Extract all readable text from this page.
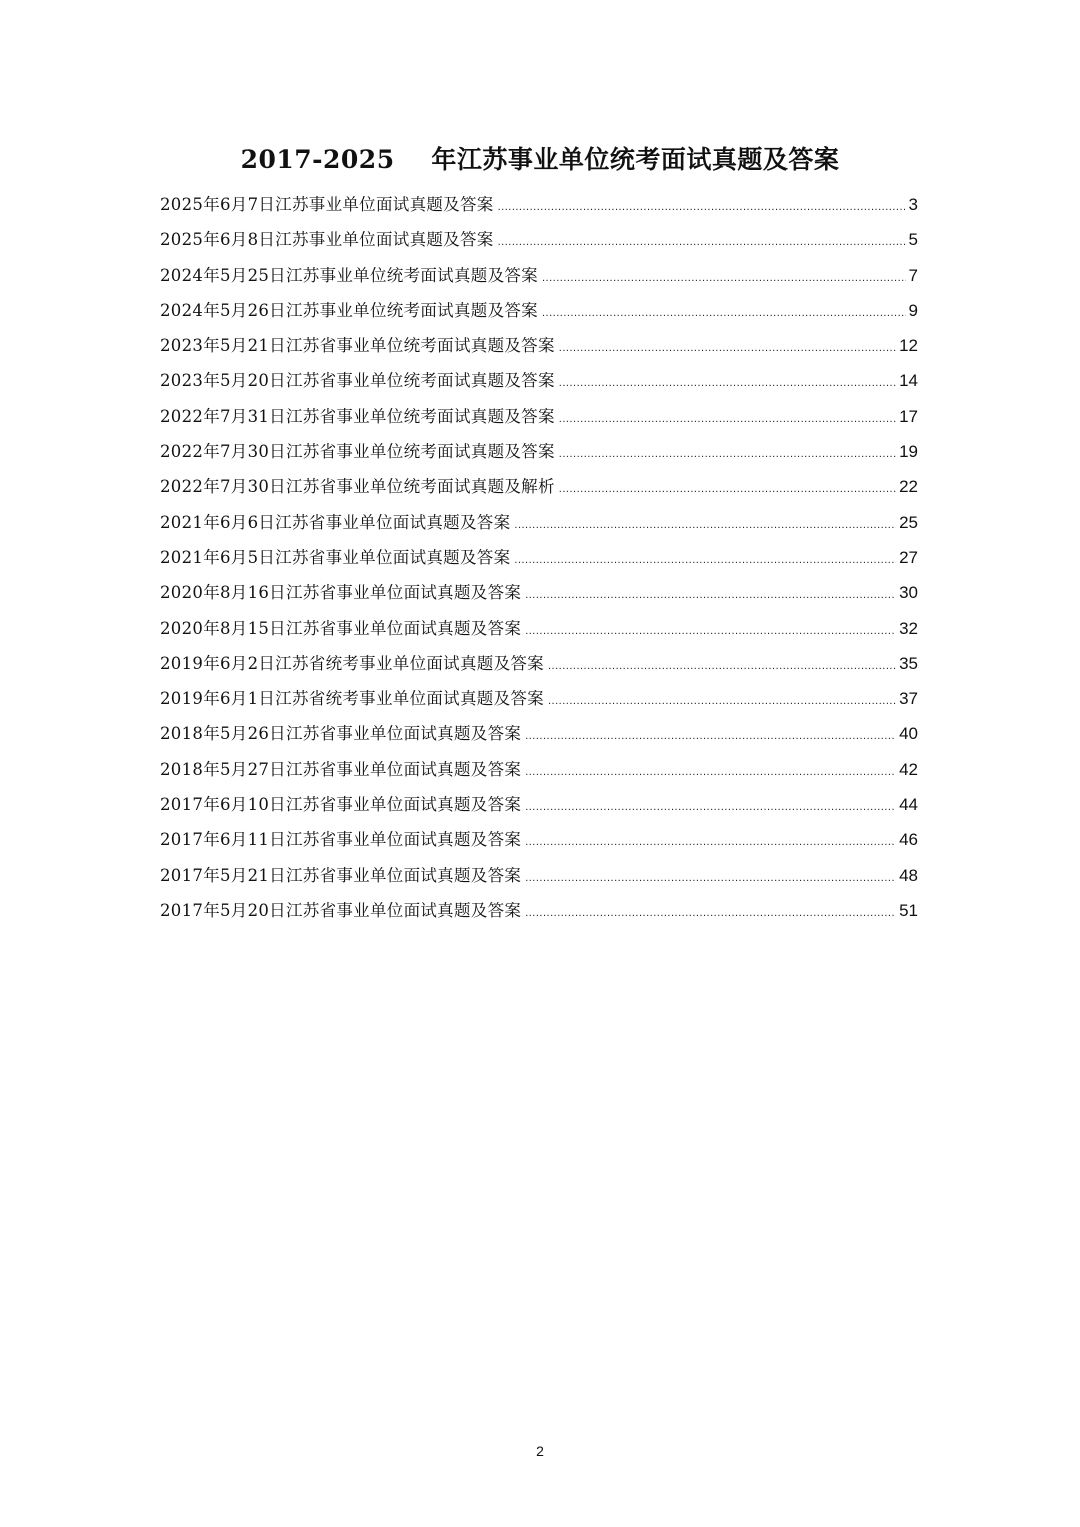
2017-2025    年江苏事业单位统考面试真题及答案
2025年6月7日江苏事业单位面试真题及答案 .....	3
2025年6月8日江苏事业单位面试真题及答案 .....	5
2024年5月25日江苏事业单位统考面试真题及答案 .....	7
2024年5月26日江苏事业单位统考面试真题及答案 .....	9
2023年5月21日江苏省事业单位统考面试真题及答案 .....	12
2023年5月20日江苏省事业单位统考面试真题及答案 .....	14
2022年7月31日江苏省事业单位统考面试真题及答案 .....	17
2022年7月30日江苏省事业单位统考面试真题及答案 .....	19
2022年7月30日江苏省事业单位统考面试真题及解析 .....	22
2021年6月6日江苏省事业单位面试真题及答案 .....	25
2021年6月5日江苏省事业单位面试真题及答案 .....	27
2020年8月16日江苏省事业单位面试真题及答案 .....	30
2020年8月15日江苏省事业单位面试真题及答案 .....	32
2019年6月2日江苏省统考事业单位面试真题及答案 .....	35
2019年6月1日江苏省统考事业单位面试真题及答案 .....	37
2018年5月26日江苏省事业单位面试真题及答案 .....	40
2018年5月27日江苏省事业单位面试真题及答案 .....	42
2017年6月10日江苏省事业单位面试真题及答案 .....	44
2017年6月11日江苏省事业单位面试真题及答案 .....	46
2017年5月21日江苏省事业单位面试真题及答案 .....	48
2017年5月20日江苏省事业单位面试真题及答案 .....	51
2
